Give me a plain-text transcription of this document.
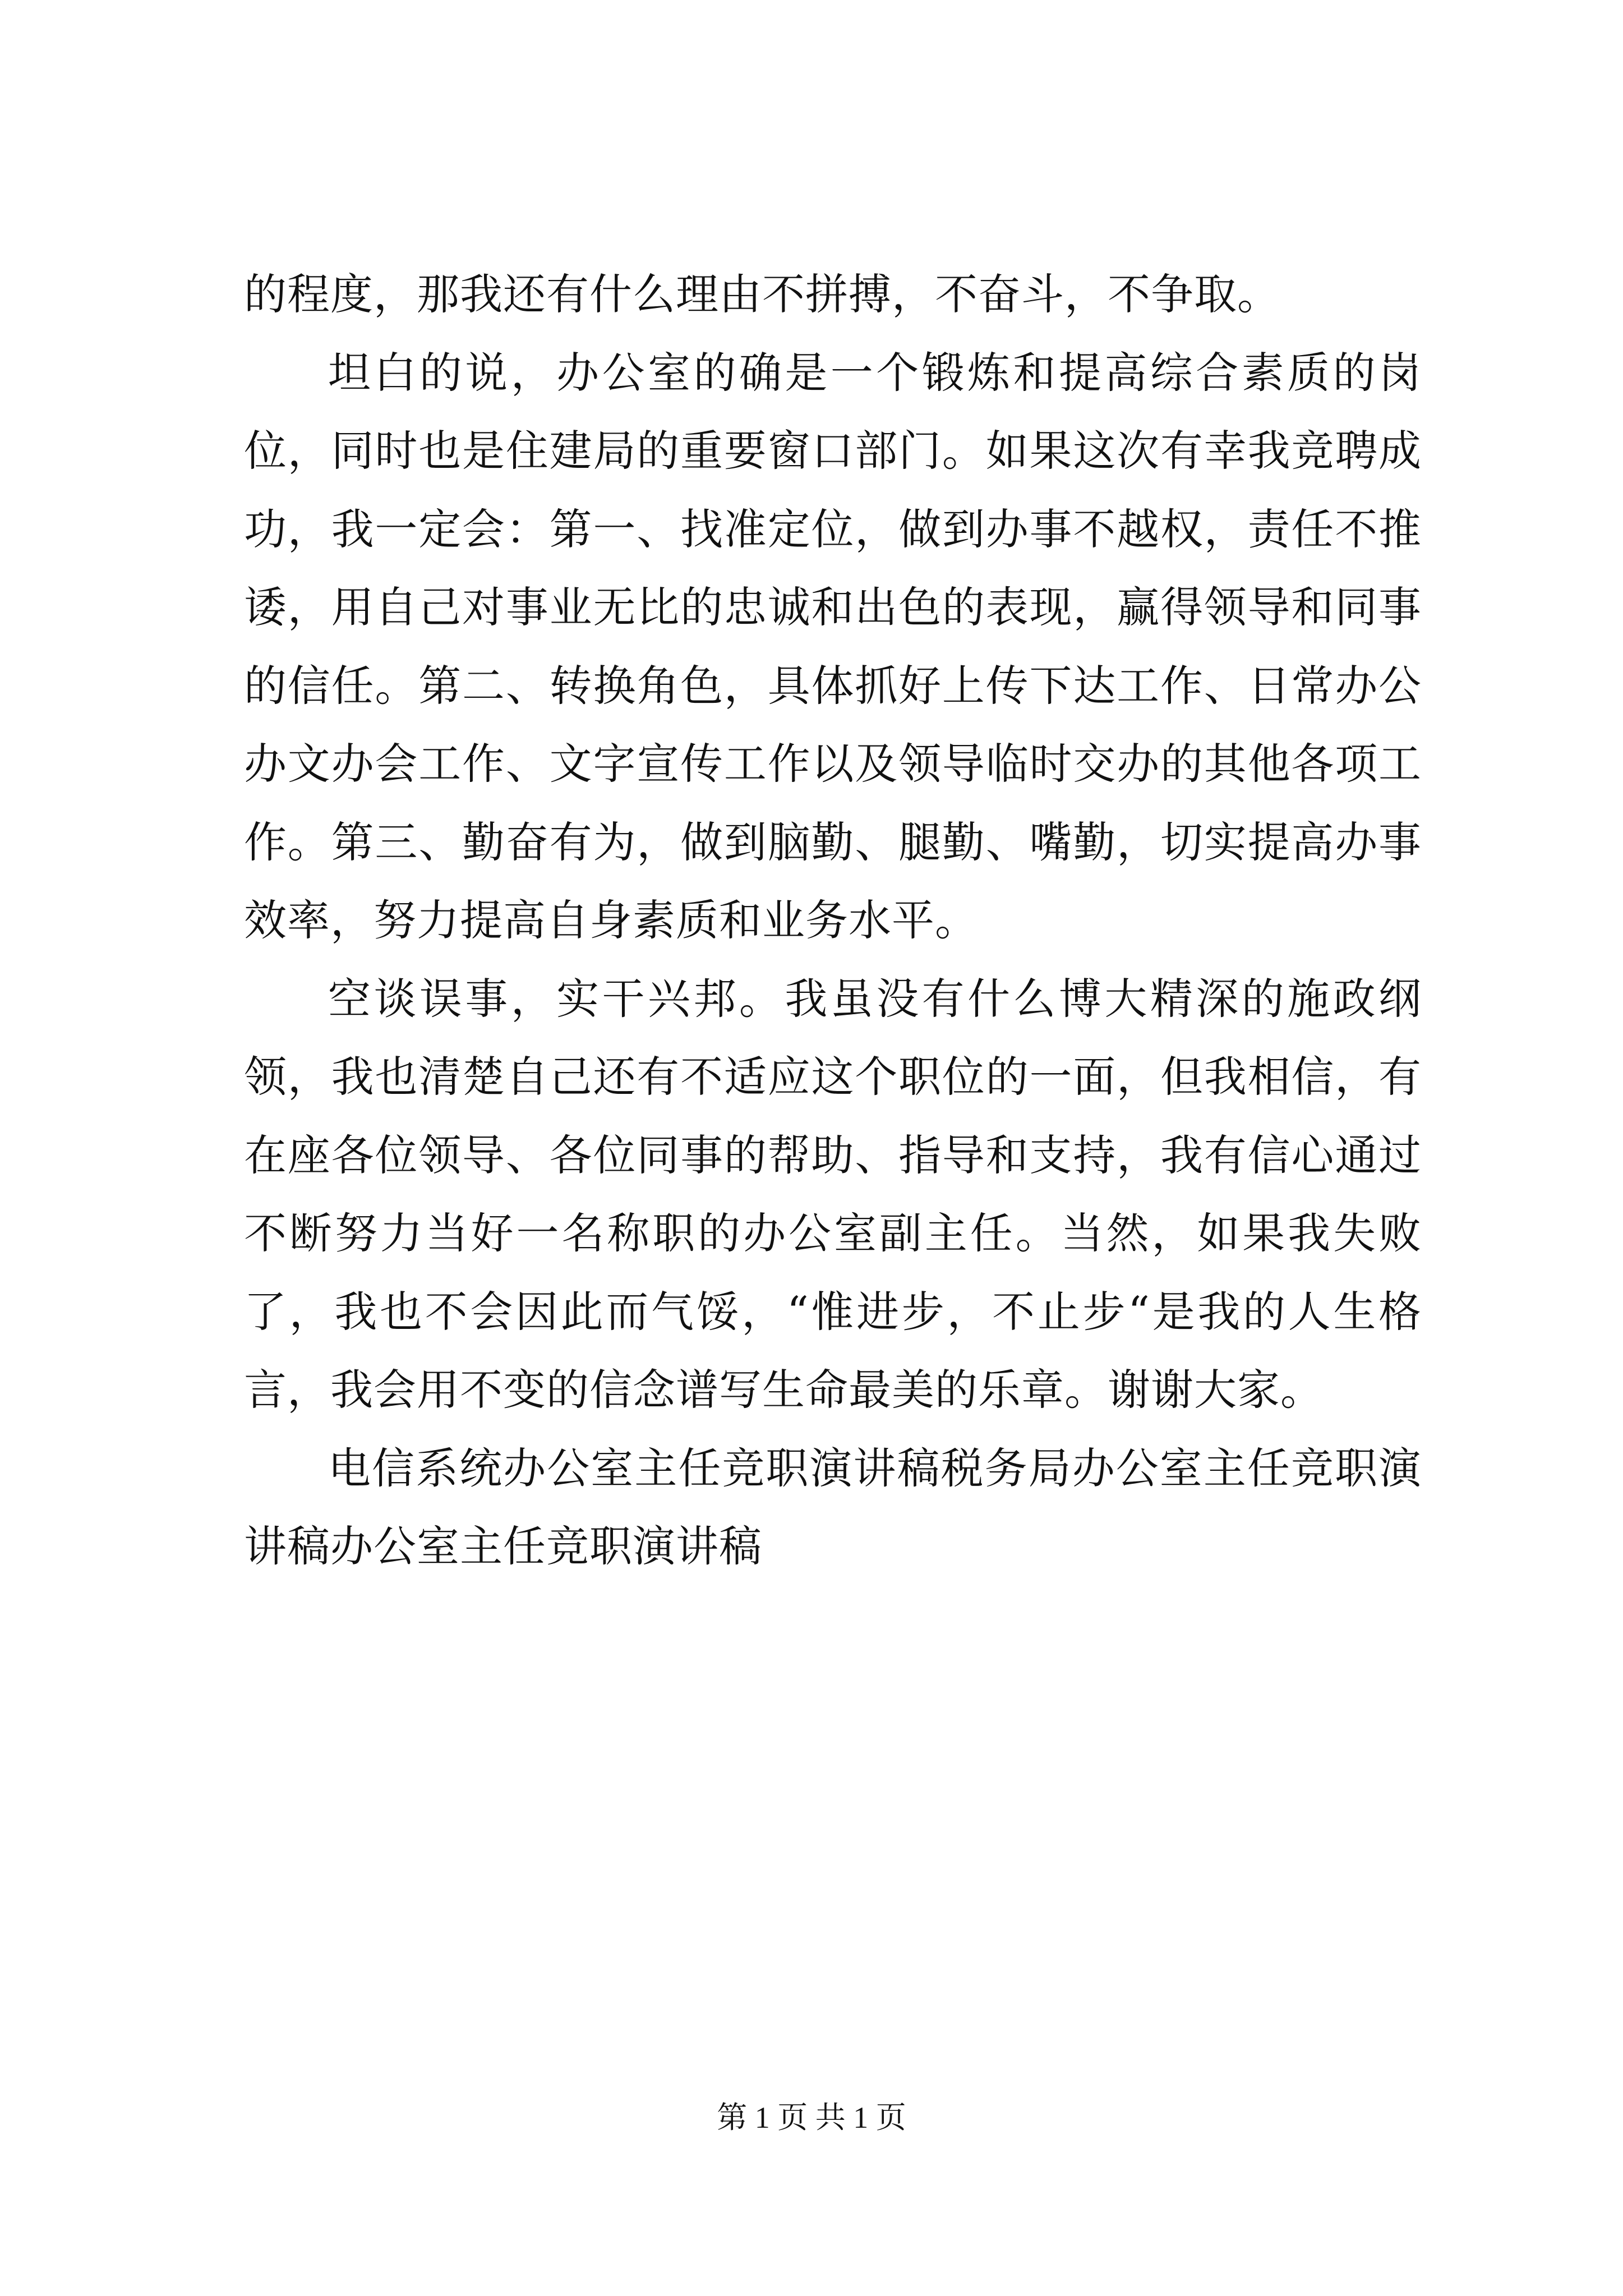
的程度，那我还有什么理由不拼搏，不奋斗，不争取。

坦白的说，办公室的确是一个锻炼和提高综合素质的岗位，同时也是住建局的重要窗口部门。如果这次有幸我竞聘成功，我一定会：第一、找准定位，做到办事不越权，责任不推诿，用自己对事业无比的忠诚和出色的表现，赢得领导和同事的信任。第二、转换角色，具体抓好上传下达工作、日常办公办文办会工作、文字宣传工作以及领导临时交办的其他各项工作。第三、勤奋有为，做到脑勤、腿勤、嘴勤，切实提高办事效率，努力提高自身素质和业务水平。

空谈误事，实干兴邦。我虽没有什么博大精深的施政纲领，我也清楚自己还有不适应这个职位的一面，但我相信，有在座各位领导、各位同事的帮助、指导和支持，我有信心通过不断努力当好一名称职的办公室副主任。当然，如果我失败了，我也不会因此而气馁，“惟进步，不止步“是我的人生格言，我会用不变的信念谱写生命最美的乐章。谢谢大家。

电信系统办公室主任竞职演讲稿税务局办公室主任竞职演讲稿办公室主任竞职演讲稿

第 1 页 共 1 页
